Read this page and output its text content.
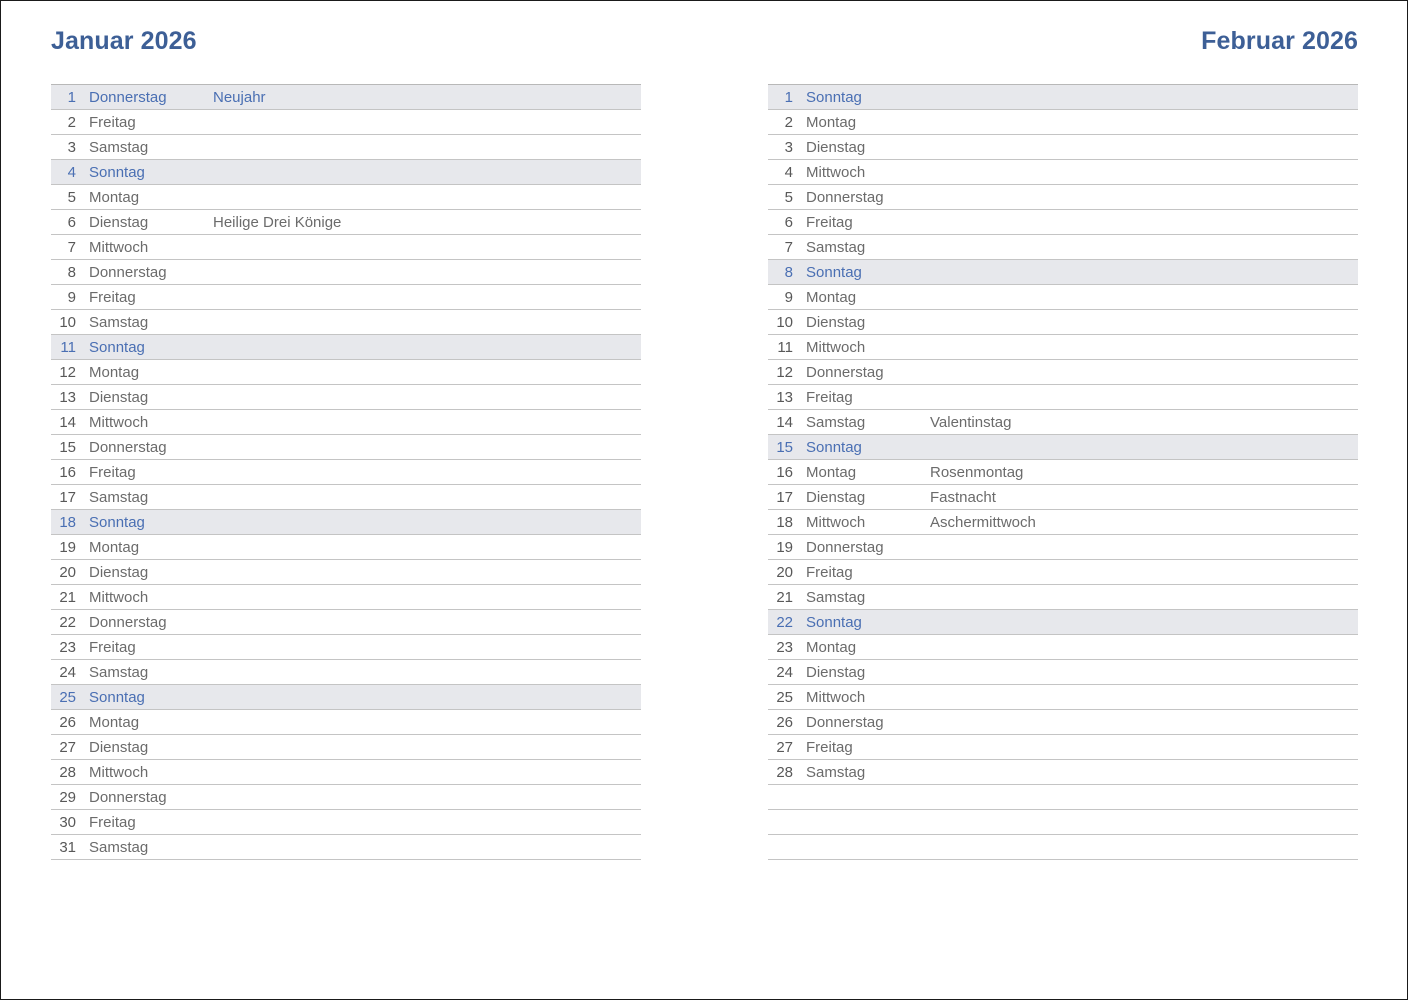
Januar 2026
1 Donnerstag	Neujahr
2 Freitag
3 Samstag
4 Sonntag
5 Montag
6 Dienstag	Heilige Drei Könige
7 Mittwoch
8 Donnerstag
9 Freitag
10 Samstag
11 Sonntag
12 Montag
13 Dienstag
14 Mittwoch
15 Donnerstag
16 Freitag
17 Samstag
18 Sonntag
19 Montag
20 Dienstag
21 Mittwoch
22 Donnerstag
23 Freitag
24 Samstag
25 Sonntag
26 Montag
27 Dienstag
28 Mittwoch
29 Donnerstag
30 Freitag
31 Samstag
Februar 2026
1 Sonntag
2 Montag
3 Dienstag
4 Mittwoch
5 Donnerstag
6 Freitag
7 Samstag
8 Sonntag
9 Montag
10 Dienstag
11 Mittwoch
12 Donnerstag
13 Freitag
14 Samstag	Valentinstag
15 Sonntag
16 Montag	Rosenmontag
17 Dienstag	Fastnacht
18 Mittwoch	Aschermittwoch
19 Donnerstag
20 Freitag
21 Samstag
22 Sonntag
23 Montag
24 Dienstag
25 Mittwoch
26 Donnerstag
27 Freitag
28 Samstag
